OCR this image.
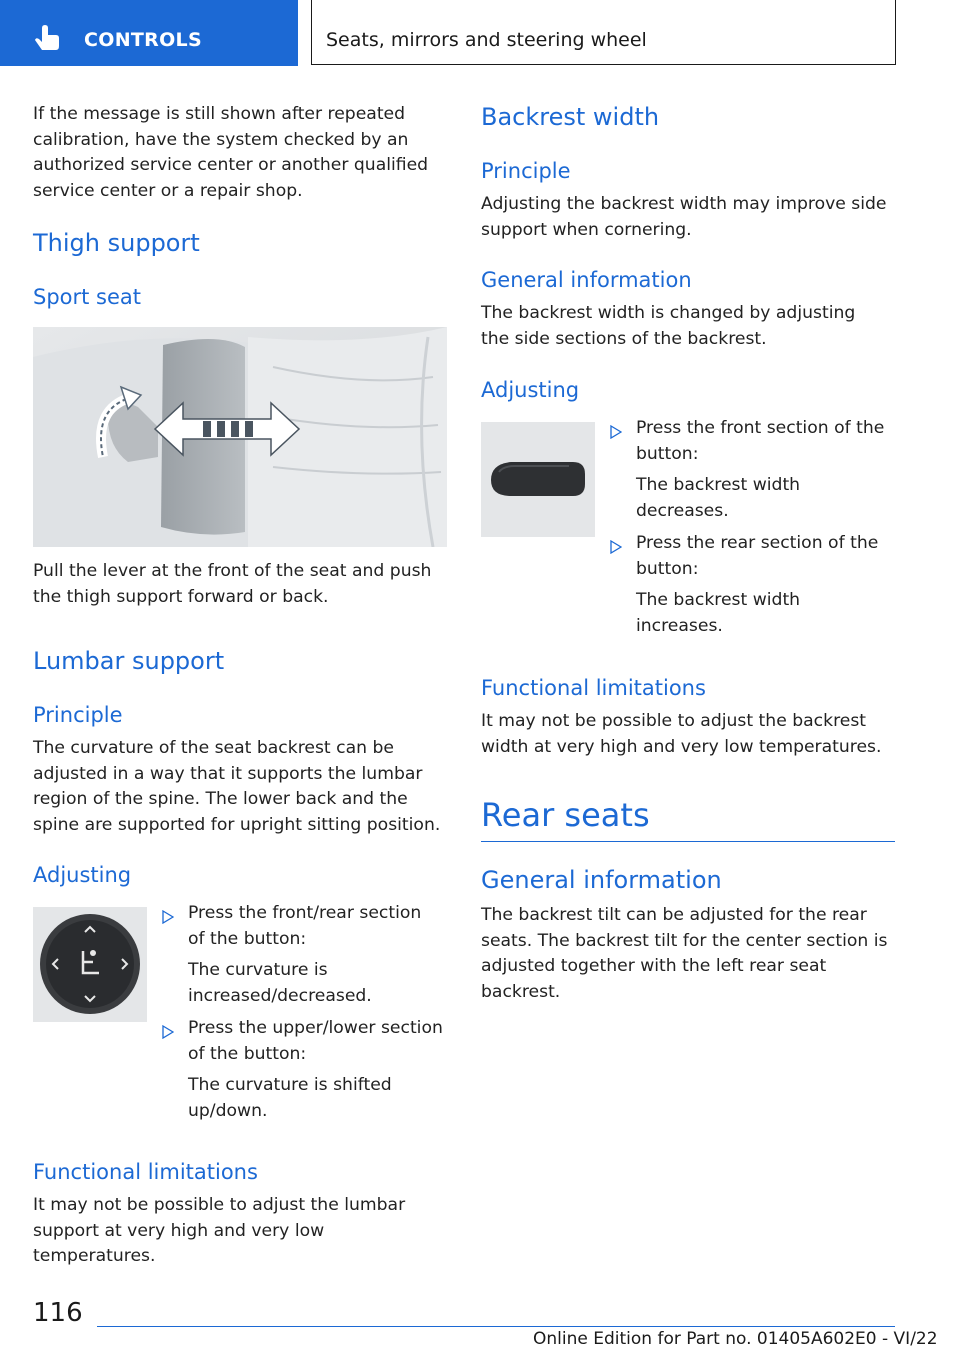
CONTROLS	Seats, mirrors and steering wheel
If the message is still shown after repeated calibration, have the system checked by an authorized service center or another qualified service center or a repair shop.
Thigh support
Sport seat
Pull the lever at the front of the seat and push the thigh support forward or back.
Lumbar support
Principle
The curvature of the seat backrest can be adjusted in a way that it supports the lumbar region of the spine. The lower back and the spine are supported for upright sitting position.
Adjusting
Press the front/rear section of the button:
The curvature is increased/decreased.
Press the upper/lower section of the button:
The curvature is shifted up/down.
Functional limitations
It may not be possible to adjust the lumbar support at very high and very low temperatures.
Backrest width
Principle
Adjusting the backrest width may improve side support when cornering.
General information
The backrest width is changed by adjusting the side sections of the backrest.
Adjusting
Press the front section of the button:
The backrest width decreases.
Press the rear section of the button:
The backrest width increases.
Functional limitations
It may not be possible to adjust the backrest width at very high and very low temperatures.
Rear seats
General information
The backrest tilt can be adjusted for the rear seats. The backrest tilt for the center section is adjusted together with the left rear seat backrest.
116
Online Edition for Part no. 01405A602E0 - VI/22
